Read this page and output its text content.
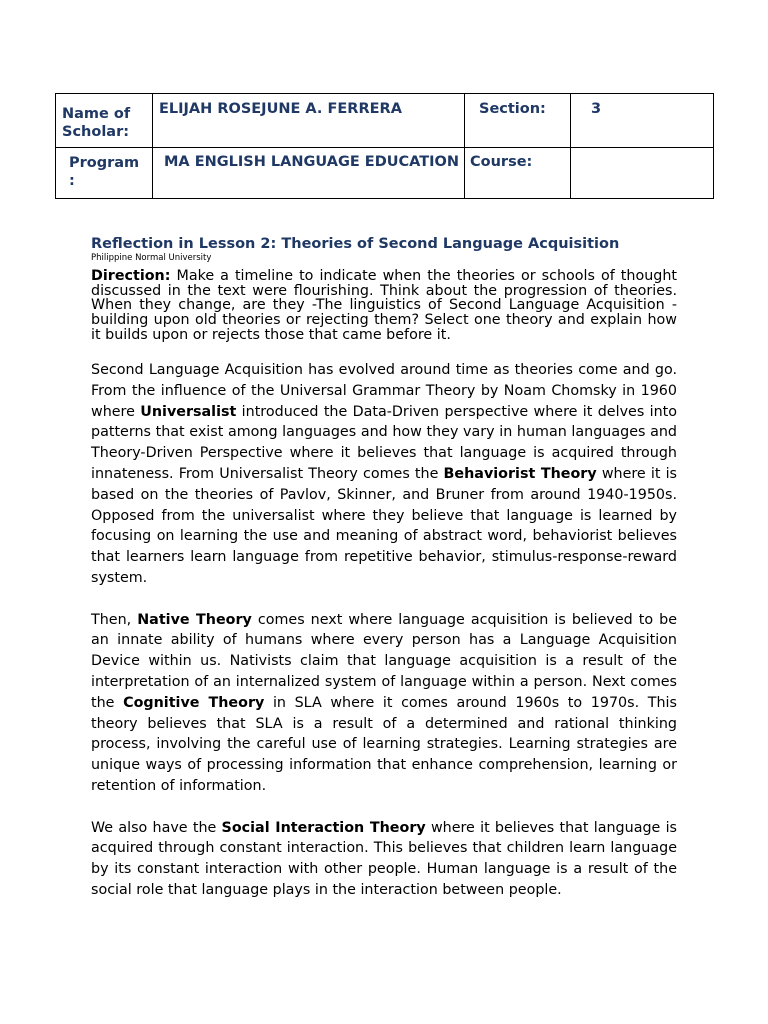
Name of Scholar:	ELIJAH ROSEJUNE A. FERRERA	Section:	3

Program :	MA ENGLISH LANGUAGE EDUCATION	Course:	

Reflection in Lesson 2: Theories of Second Language Acquisition
Philippine Normal University
Direction: Make a timeline to indicate when the theories or schools of thought discussed in the text were flourishing. Think about the progression of theories. When they change, are they -The linguistics of Second Language Acquisition - building upon old theories or rejecting them? Select one theory and explain how it builds upon or rejects those that came before it.

Second Language Acquisition has evolved around time as theories come and go. From the influence of the Universal Grammar Theory by Noam Chomsky in 1960 where Universalist introduced the Data-Driven perspective where it delves into patterns that exist among languages and how they vary in human languages and Theory-Driven Perspective where it believes that language is acquired through innateness. From Universalist Theory comes the Behaviorist Theory where it is based on the theories of Pavlov, Skinner, and Bruner from around 1940-1950s. Opposed from the universalist where they believe that language is learned by focusing on learning the use and meaning of abstract word, behaviorist believes that learners learn language from repetitive behavior, stimulus-response-reward system.

Then, Native Theory comes next where language acquisition is believed to be an innate ability of humans where every person has a Language Acquisition Device within us. Nativists claim that language acquisition is a result of the interpretation of an internalized system of language within a person. Next comes the Cognitive Theory in SLA where it comes around 1960s to 1970s. This theory believes that SLA is a result of a determined and rational thinking process, involving the careful use of learning strategies. Learning strategies are unique ways of processing information that enhance comprehension, learning or retention of information.

We also have the Social Interaction Theory where it believes that language is acquired through constant interaction. This believes that children learn language by its constant interaction with other people. Human language is a result of the social role that language plays in the interaction between people.
